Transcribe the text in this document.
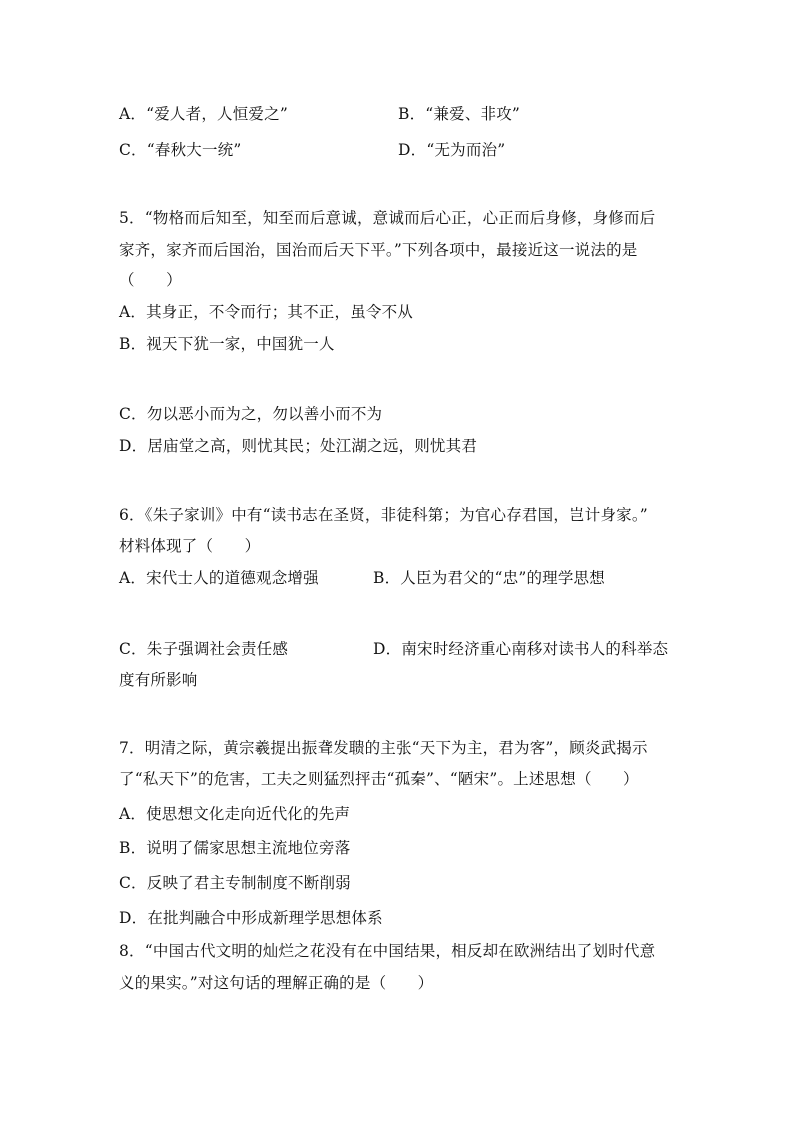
A．“爱人者，人恒爱之”	B．“兼爱、非攻”
C．“春秋大一统”	D．“无为而治”
5．“物格而后知至，知至而后意诚，意诚而后心正，心正而后身修，身修而后
家齐，家齐而后国治，国治而后天下平。”下列各项中，最接近这一说法的是
（　　）
A．其身正，不令而行；其不正，虽令不从
B．视天下犹一家，中国犹一人
C．勿以恶小而为之，勿以善小而不为
D．居庙堂之高，则忧其民；处江湖之远，则忧其君
6．《朱子家训》中有“读书志在圣贤，非徒科第；为官心存君国，岂计身家。”
材料体现了（　　）
A．宋代士人的道德观念增强	B．人臣为君父的“忠”的理学思想
C．朱子强调社会责任感	D．南宋时经济重心南移对读书人的科举态
度有所影响
7．明清之际，黄宗羲提出振聋发聩的主张“天下为主，君为客”，顾炎武揭示
了“私天下”的危害，工夫之则猛烈抨击“孤秦”、“陋宋”。上述思想（　　）
A．使思想文化走向近代化的先声
B．说明了儒家思想主流地位旁落
C．反映了君主专制制度不断削弱
D．在批判融合中形成新理学思想体系
8．“中国古代文明的灿烂之花没有在中国结果，相反却在欧洲结出了划时代意
义的果实。”对这句话的理解正确的是（　　）
